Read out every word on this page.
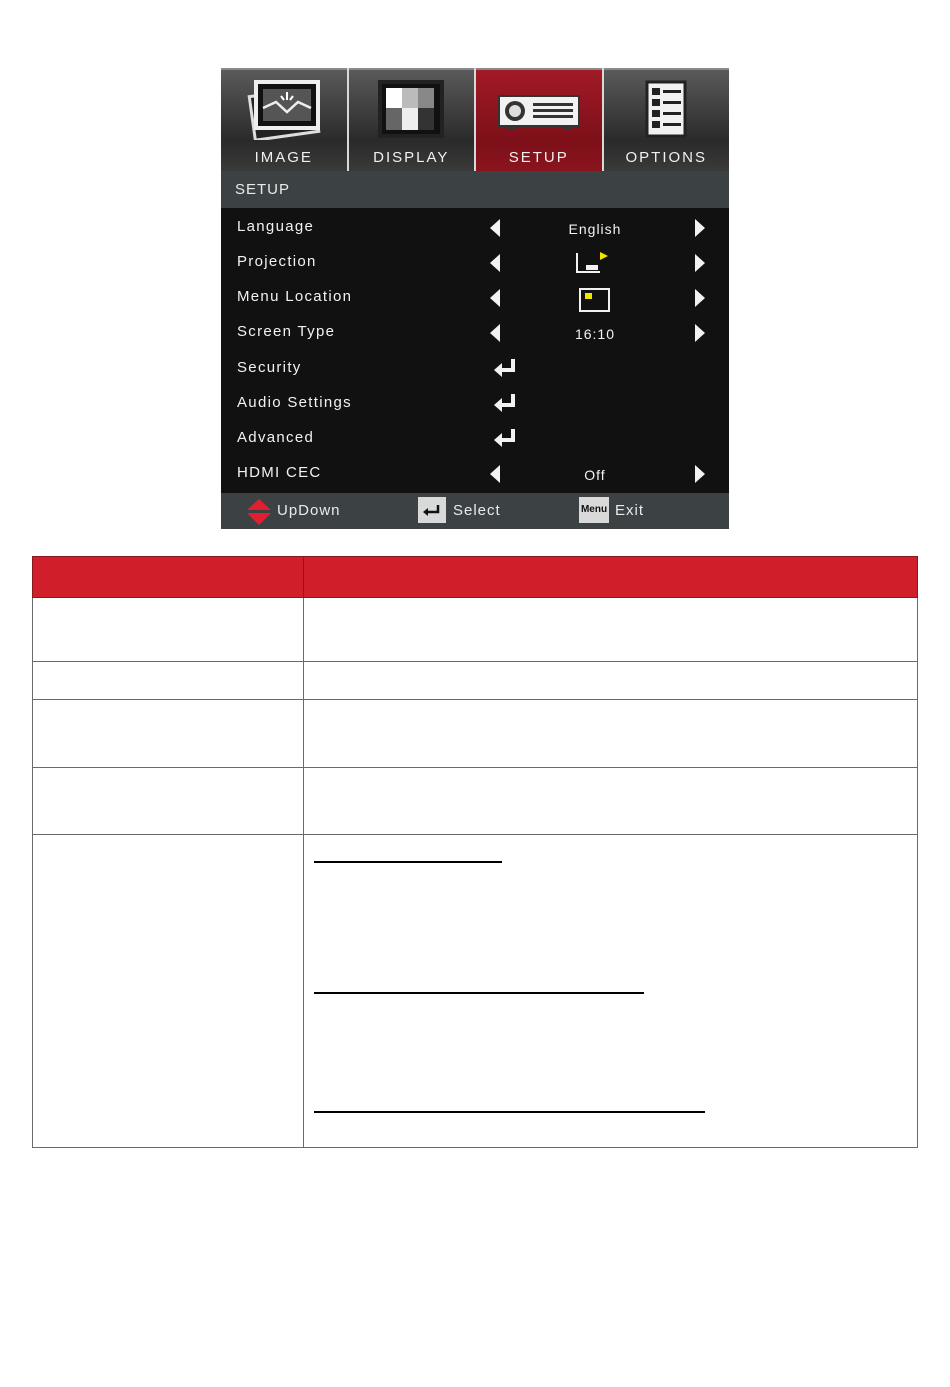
IMAGE	DISPLAY	SETUP	OPTIONS
SETUP
Language	English
Projection
Menu Location
Screen Type	16:10
Security
Audio Settings
Advanced
HDMI CEC	Off
UpDown	Select	Menu Exit
